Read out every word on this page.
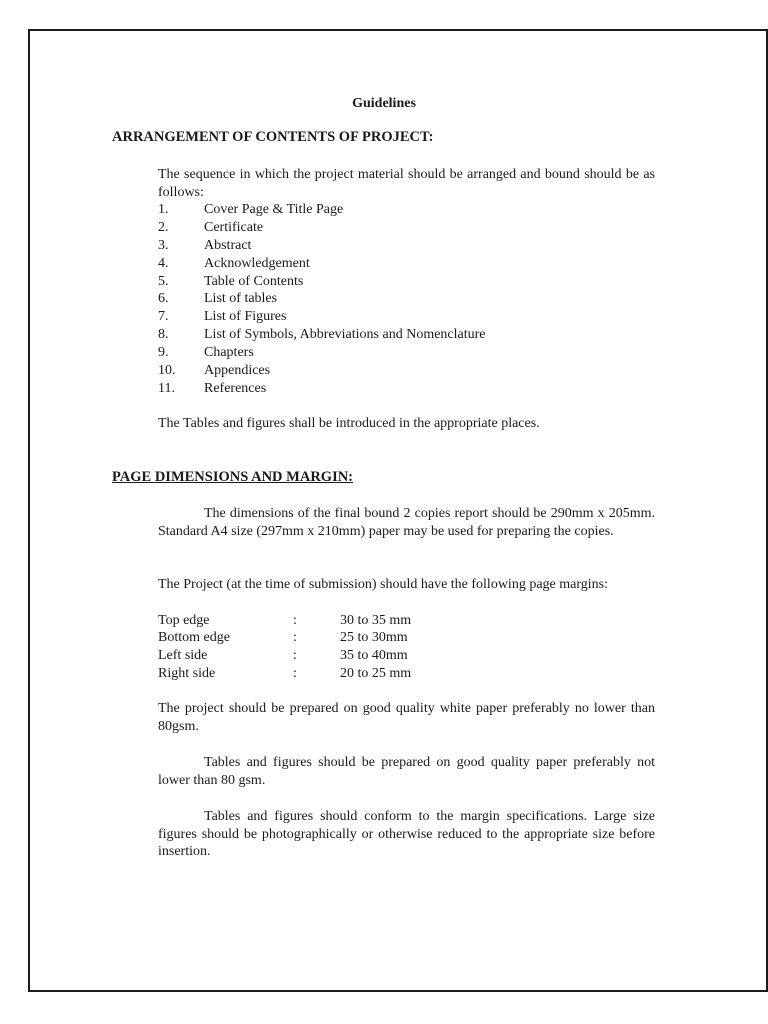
Guidelines
ARRANGEMENT OF CONTENTS OF PROJECT:
The sequence in which the project material should be arranged and bound should be as follows:
1.	Cover Page & Title Page
2.	Certificate
3.	Abstract
4.	Acknowledgement
5.	Table of Contents
6.	List of tables
7.	List of Figures
8.	List of Symbols, Abbreviations and Nomenclature
9.	Chapters
10. Appendices
11. References
The Tables and figures shall be introduced in the appropriate places.
PAGE DIMENSIONS AND MARGIN:
The dimensions of the final bound 2 copies report should be 290mm x 205mm. Standard A4 size (297mm x 210mm) paper may be used for preparing the copies.
The Project (at the time of submission) should have the following page margins:
Top edge	:	30 to 35 mm
Bottom edge	:	25 to 30mm
Left side	:	35 to 40mm
Right side	:	20 to 25 mm
The project should be prepared on good quality white paper preferably no lower than 80gsm.
Tables and figures should be prepared on good quality paper preferably not lower than 80 gsm.
Tables and figures should conform to the margin specifications. Large size figures should be photographically or otherwise reduced to the appropriate size before insertion.
